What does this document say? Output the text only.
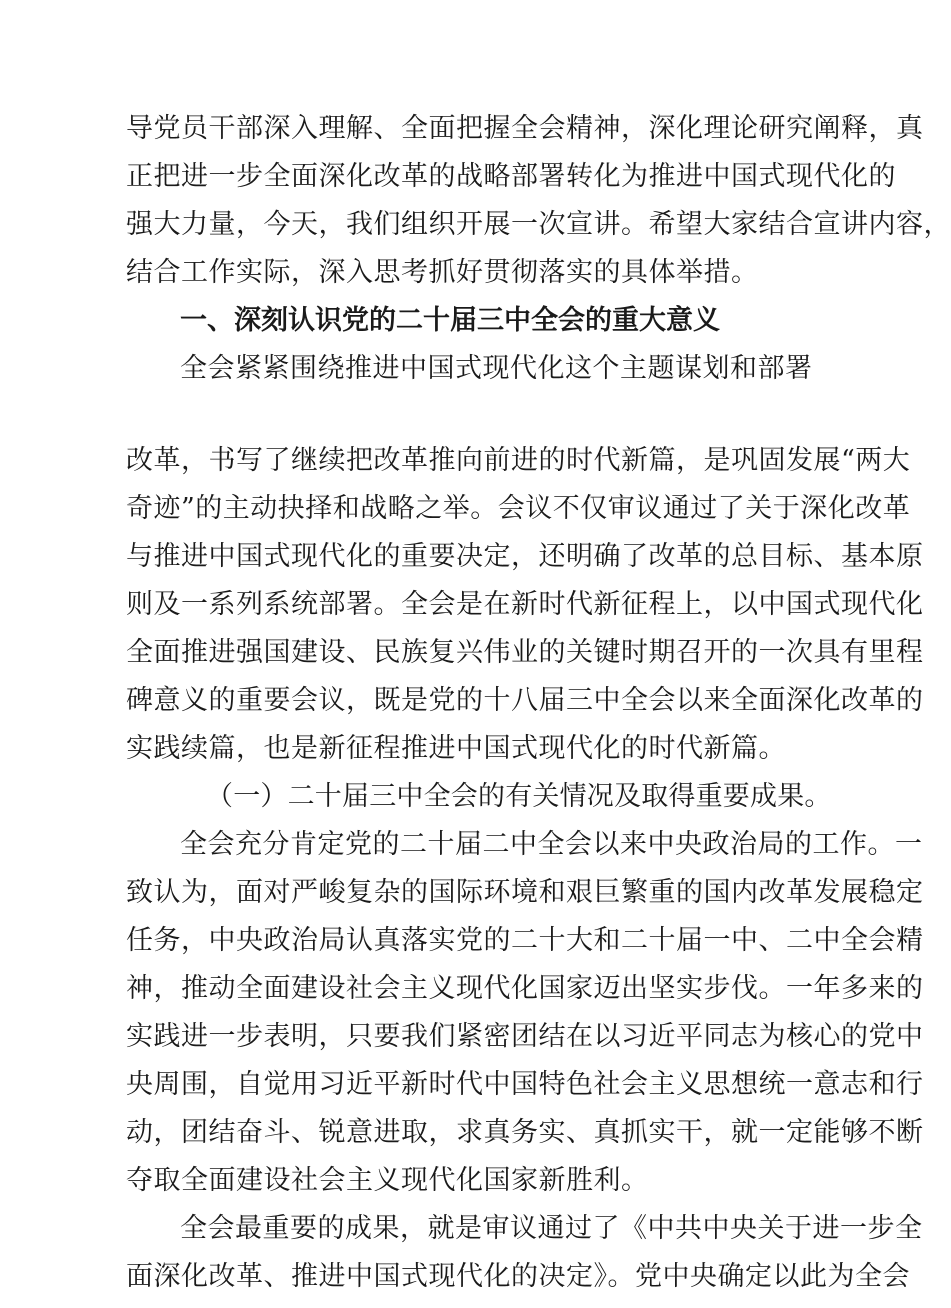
导党员干部深入理解、全面把握全会精神，深化理论研究阐释，真
正把进一步全面深化改革的战略部署转化为推进中国式现代化的
强大力量，今天，我们组织开展一次宣讲。希望大家结合宣讲内容，
结合工作实际，深入思考抓好贯彻落实的具体举措。
一、深刻认识党的二十届三中全会的重大意义
全会紧紧围绕推进中国式现代化这个主题谋划和部署
改革，书写了继续把改革推向前进的时代新篇，是巩固发展“两大
奇迹”的主动抉择和战略之举。会议不仅审议通过了关于深化改革
与推进中国式现代化的重要决定，还明确了改革的总目标、基本原
则及一系列系统部署。全会是在新时代新征程上，以中国式现代化
全面推进强国建设、民族复兴伟业的关键时期召开的一次具有里程
碑意义的重要会议，既是党的十八届三中全会以来全面深化改革的
实践续篇，也是新征程推进中国式现代化的时代新篇。
（一）二十届三中全会的有关情况及取得重要成果。
全会充分肯定党的二十届二中全会以来中央政治局的工作。一
致认为，面对严峻复杂的国际环境和艰巨繁重的国内改革发展稳定
任务，中央政治局认真落实党的二十大和二十届一中、二中全会精
神，推动全面建设社会主义现代化国家迈出坚实步伐。一年多来的
实践进一步表明，只要我们紧密团结在以习近平同志为核心的党中
央周围，自觉用习近平新时代中国特色社会主义思想统一意志和行
动，团结奋斗、锐意进取，求真务实、真抓实干，就一定能够不断
夺取全面建设社会主义现代化国家新胜利。
全会最重要的成果，就是审议通过了《中共中央关于进一步全
面深化改革、推进中国式现代化的决定》。党中央确定以此为全会
